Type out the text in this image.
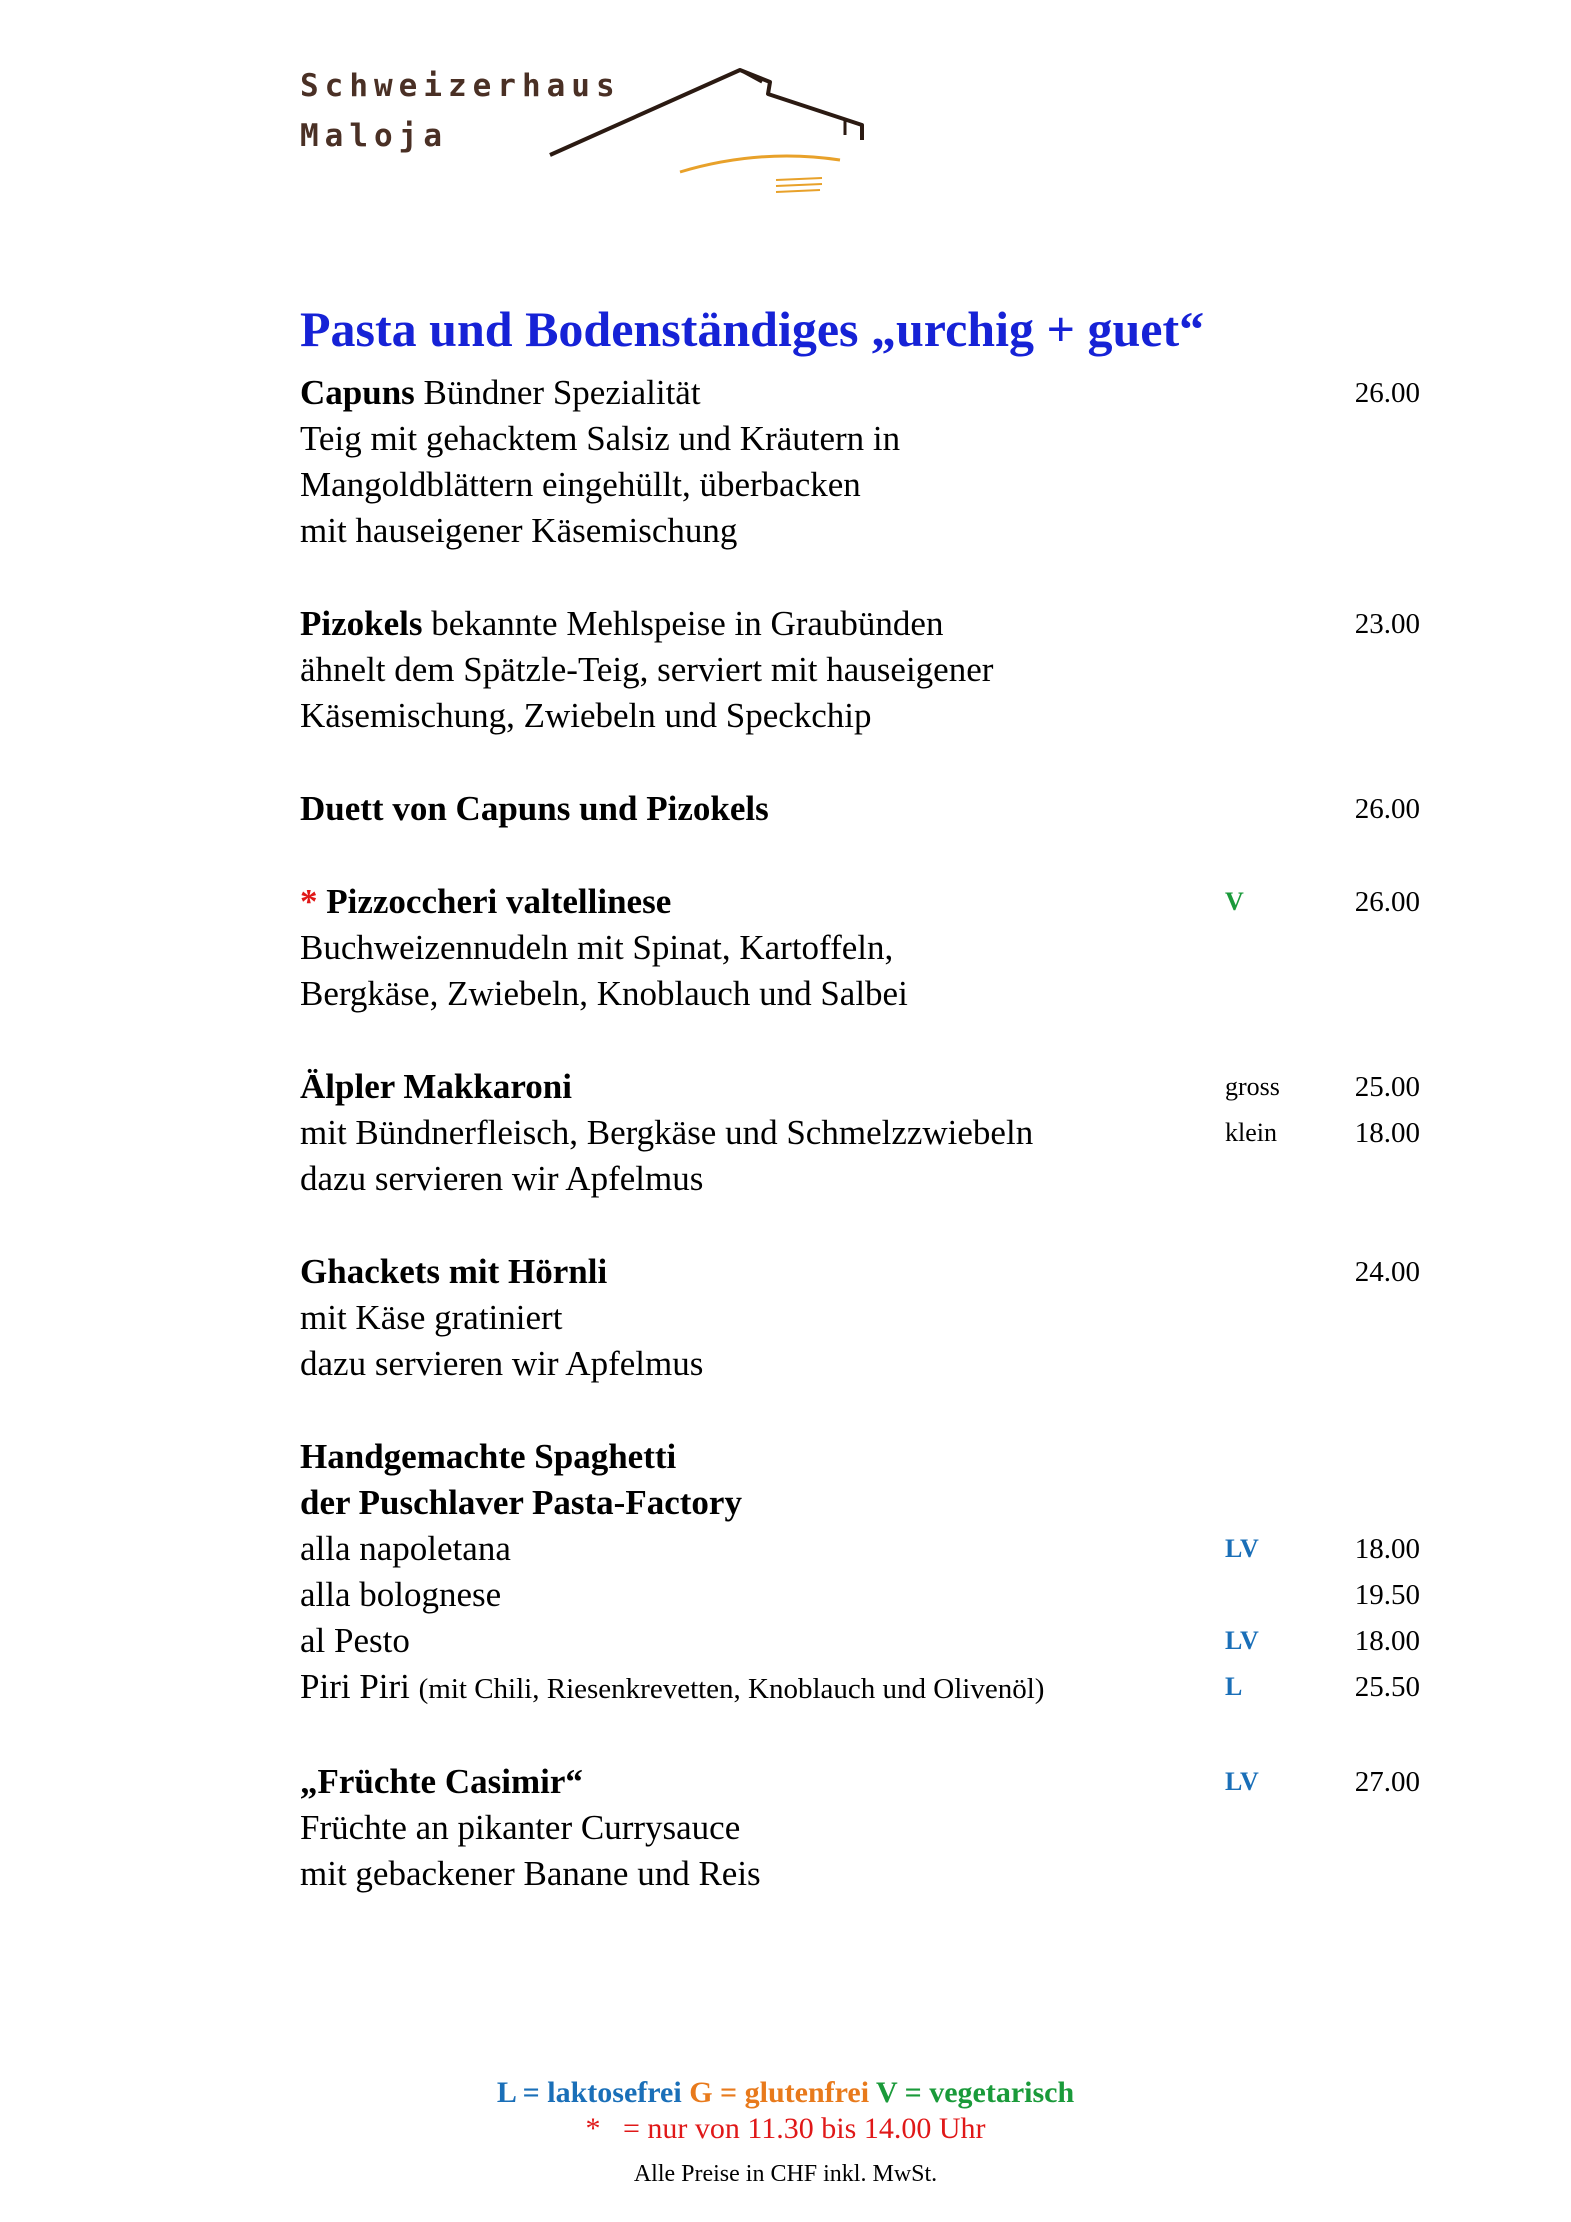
Schweizerhaus
Maloja
Pasta und Bodenständiges „urchig + guet“
Capuns Bündner Spezialität	26.00
Teig mit gehacktem Salsiz und Kräutern in
Mangoldblättern eingehüllt, überbacken
mit hauseigener Käsemischung
Pizokels bekannte Mehlspeise in Graubünden	23.00
ähnelt dem Spätzle-Teig, serviert mit hauseigener
Käsemischung, Zwiebeln und Speckchip
Duett von Capuns und Pizokels	26.00
* Pizzoccheri valtellinese	V	26.00
Buchweizennudeln mit Spinat, Kartoffeln,
Bergkäse, Zwiebeln, Knoblauch und Salbei
Älpler Makkaroni	gross	25.00
mit Bündnerfleisch, Bergkäse und Schmelzzwiebeln	klein	18.00
dazu servieren wir Apfelmus
Ghackets mit Hörnli	24.00
mit Käse gratiniert
dazu servieren wir Apfelmus
Handgemachte Spaghetti
der Puschlaver Pasta-Factory
alla napoletana	LV	18.00
alla bolognese	19.50
al Pesto	LV	18.00
Piri Piri (mit Chili, Riesenkrevetten, Knoblauch und Olivenöl)	L	25.50
„Früchte Casimir“	LV	27.00
Früchte an pikanter Currysauce
mit gebackener Banane und Reis
L = laktosefrei G = glutenfrei V = vegetarisch
* = nur von 11.30 bis 14.00 Uhr
Alle Preise in CHF inkl. MwSt.
